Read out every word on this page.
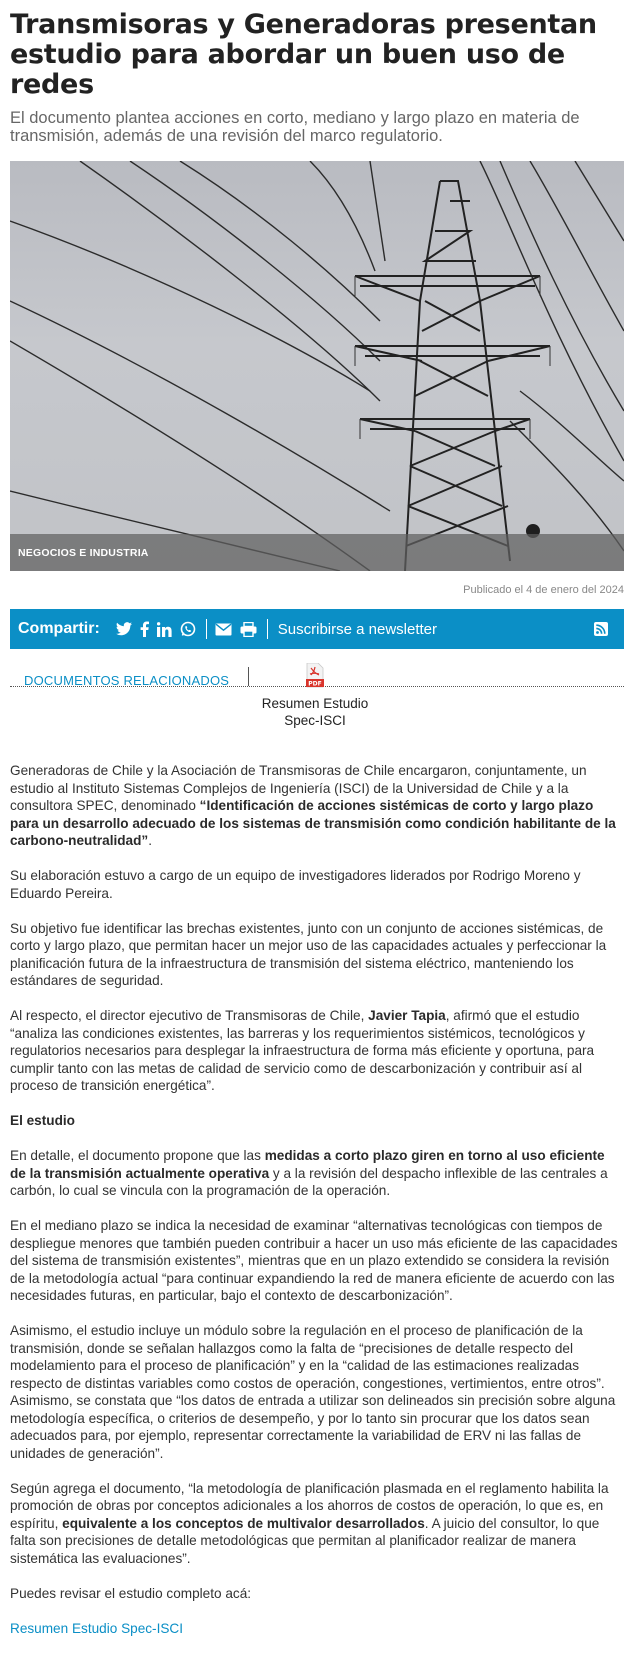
Transmisoras y Generadoras presentan estudio para abordar un buen uso de redes

El documento plantea acciones en corto, mediano y largo plazo en materia de transmisión, además de una revisión del marco regulatorio.

NEGOCIOS E INDUSTRIA
Publicado el 4 de enero del 2024
Compartir:	Suscribirse a newsletter
DOCUMENTOS RELACIONADOS	PDF
Resumen Estudio Spec-ISCI

Generadoras de Chile y la Asociación de Transmisoras de Chile encargaron, conjuntamente, un estudio al Instituto Sistemas Complejos de Ingeniería (ISCI) de la Universidad de Chile y a la consultora SPEC, denominado “Identificación de acciones sistémicas de corto y largo plazo para un desarrollo adecuado de los sistemas de transmisión como condición habilitante de la carbono-neutralidad”.

Su elaboración estuvo a cargo de un equipo de investigadores liderados por Rodrigo Moreno y Eduardo Pereira.

Su objetivo fue identificar las brechas existentes, junto con un conjunto de acciones sistémicas, de corto y largo plazo, que permitan hacer un mejor uso de las capacidades actuales y perfeccionar la planificación futura de la infraestructura de transmisión del sistema eléctrico, manteniendo los estándares de seguridad.

Al respecto, el director ejecutivo de Transmisoras de Chile, Javier Tapia, afirmó que el estudio “analiza las condiciones existentes, las barreras y los requerimientos sistémicos, tecnológicos y regulatorios necesarios para desplegar la infraestructura de forma más eficiente y oportuna, para cumplir tanto con las metas de calidad de servicio como de descarbonización y contribuir así al proceso de transición energética”.

El estudio

En detalle, el documento propone que las medidas a corto plazo giren en torno al uso eficiente de la transmisión actualmente operativa y a la revisión del despacho inflexible de las centrales a carbón, lo cual se vincula con la programación de la operación.

En el mediano plazo se indica la necesidad de examinar “alternativas tecnológicas con tiempos de despliegue menores que también pueden contribuir a hacer un uso más eficiente de las capacidades del sistema de transmisión existentes”, mientras que en un plazo extendido se considera la revisión de la metodología actual “para continuar expandiendo la red de manera eficiente de acuerdo con las necesidades futuras, en particular, bajo el contexto de descarbonización”.

Asimismo, el estudio incluye un módulo sobre la regulación en el proceso de planificación de la transmisión, donde se señalan hallazgos como la falta de “precisiones de detalle respecto del modelamiento para el proceso de planificación” y en la “calidad de las estimaciones realizadas respecto de distintas variables como costos de operación, congestiones, vertimientos, entre otros”. Asimismo, se constata que “los datos de entrada a utilizar son delineados sin precisión sobre alguna metodología específica, o criterios de desempeño, y por lo tanto sin procurar que los datos sean adecuados para, por ejemplo, representar correctamente la variabilidad de ERV ni las fallas de unidades de generación”.

Según agrega el documento, “la metodología de planificación plasmada en el reglamento habilita la promoción de obras por conceptos adicionales a los ahorros de costos de operación, lo que es, en espíritu, equivalente a los conceptos de multivalor desarrollados. A juicio del consultor, lo que falta son precisiones de detalle metodológicas que permitan al planificador realizar de manera sistemática las evaluaciones”.

Puedes revisar el estudio completo acá:

Resumen Estudio Spec-ISCI
